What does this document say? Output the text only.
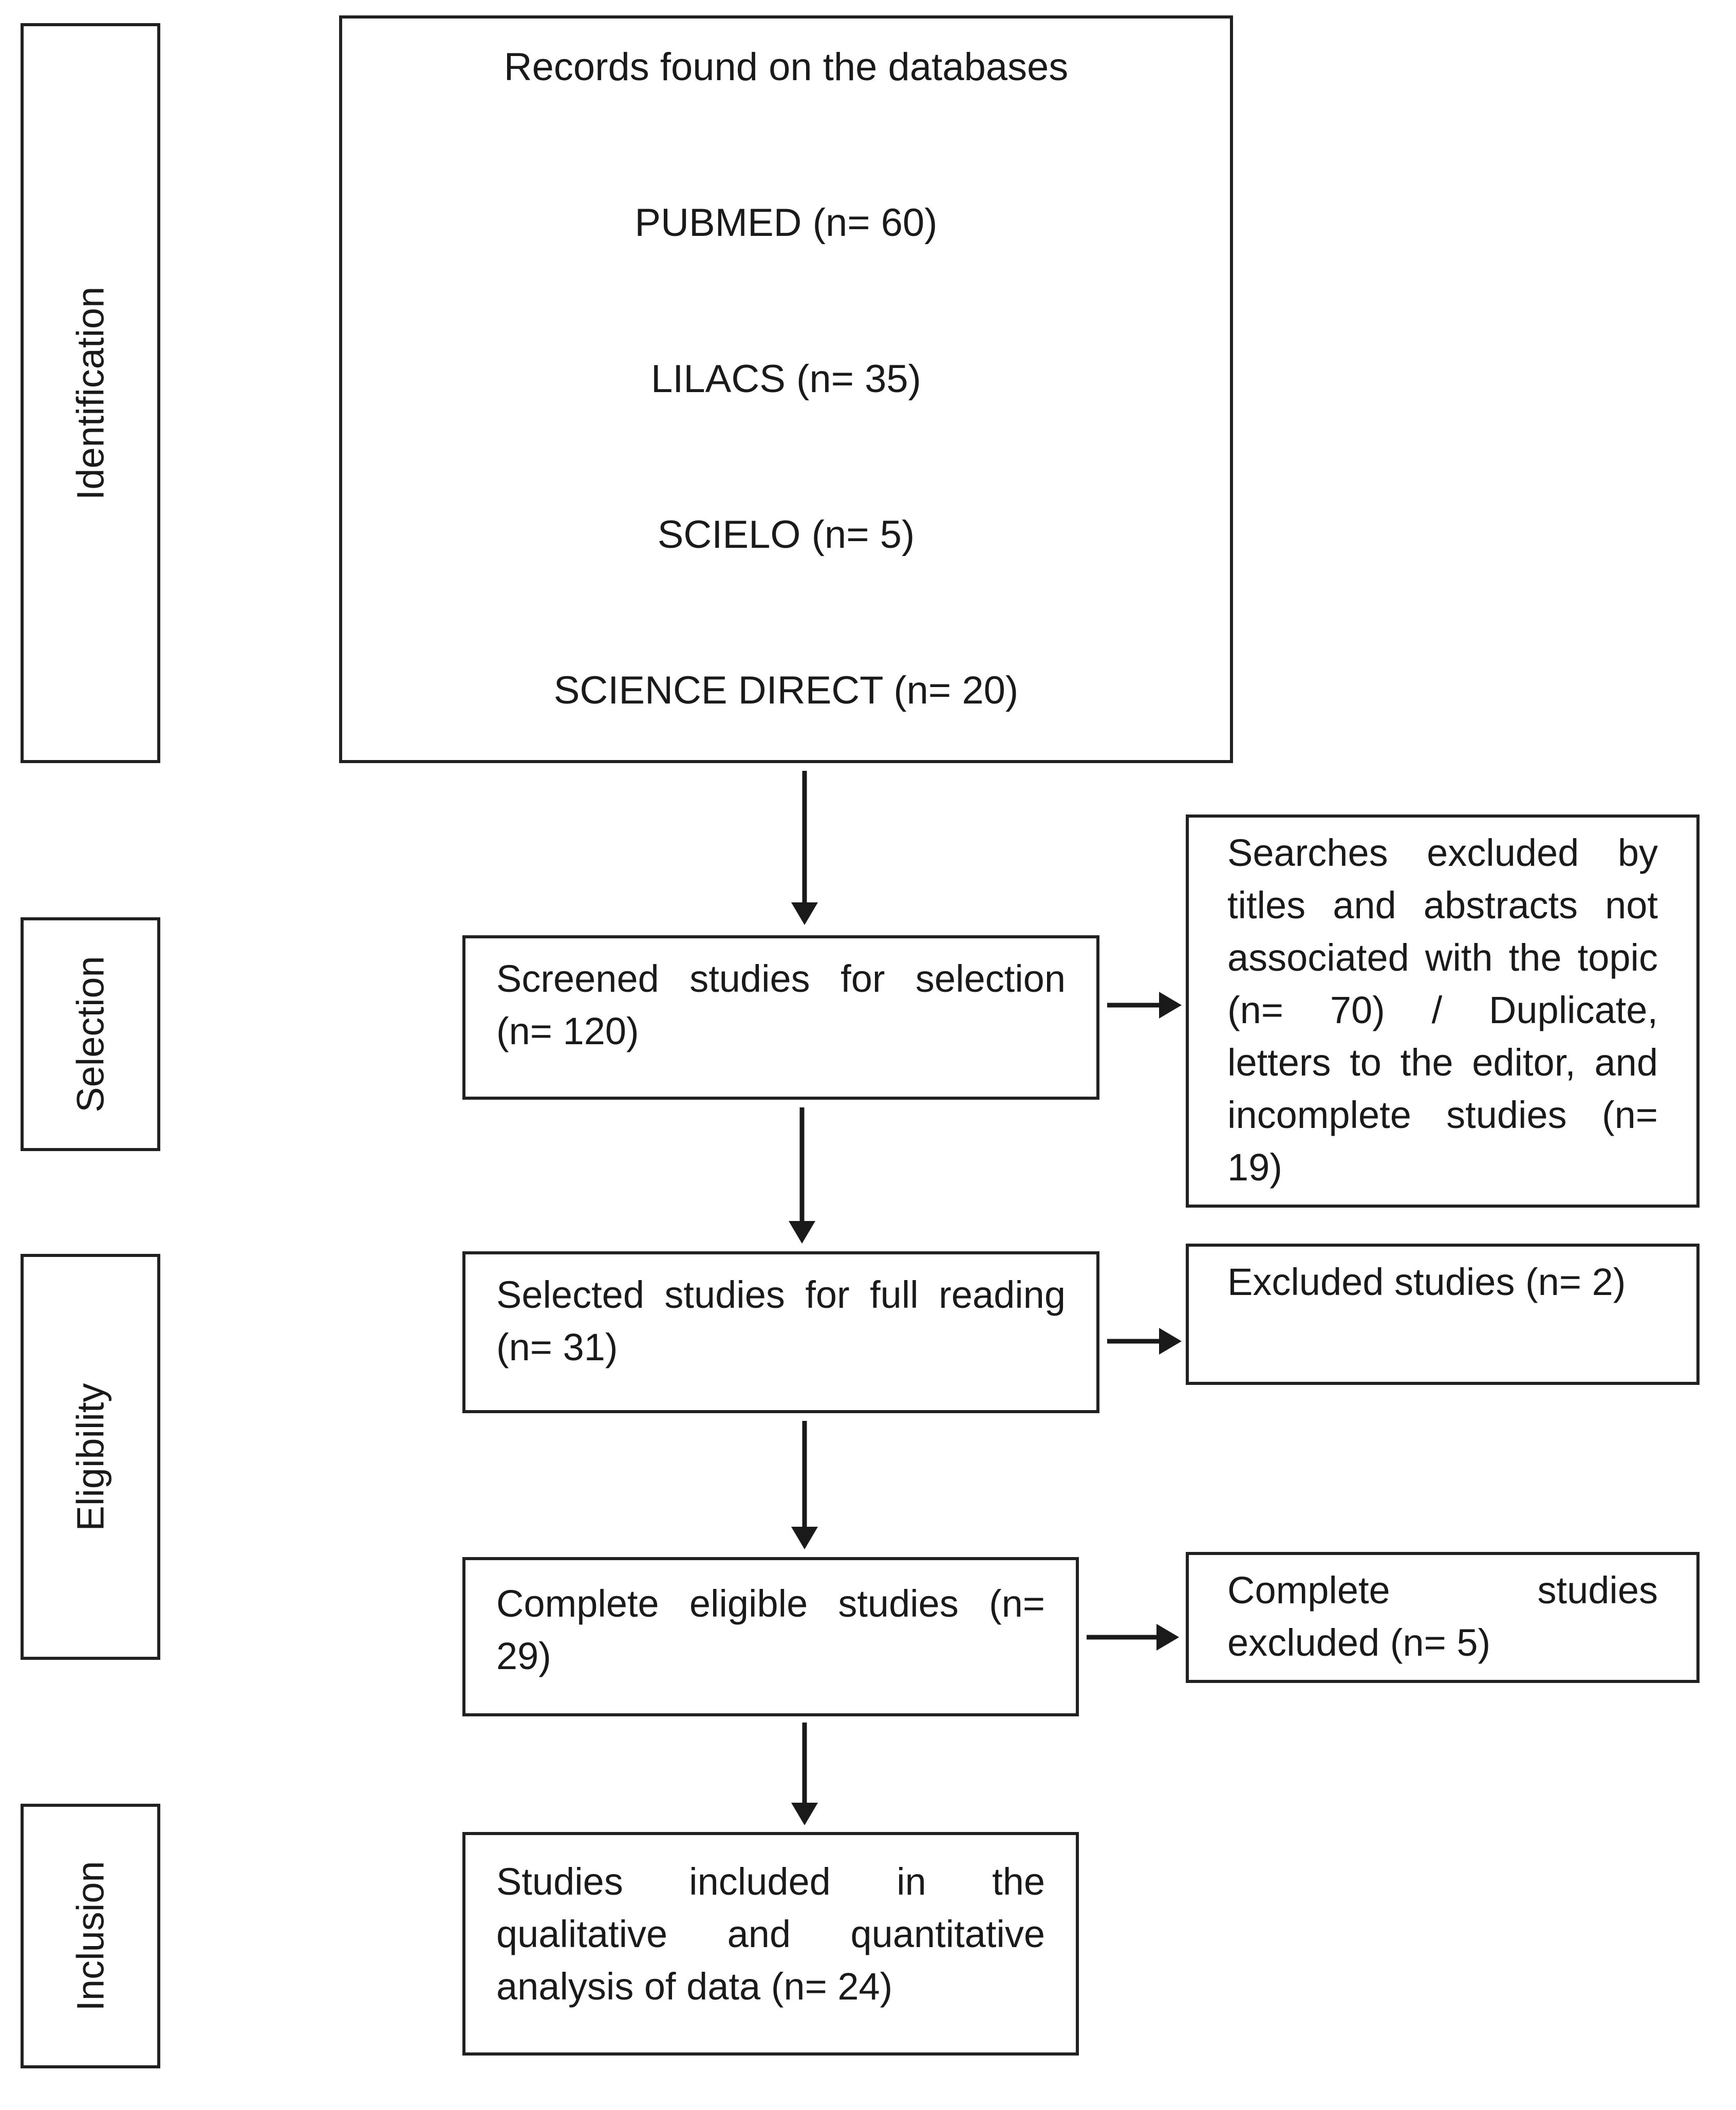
Identification
Selection
Eligibility
Inclusion
Records found on the databases
PUBMED (n= 60)
LILACS (n= 35)
SCIELO (n= 5)
SCIENCE DIRECT (n= 20)
Screened studies for selection (n= 120)
Searches excluded by titles and abstracts not associated with the topic (n= 70) / Duplicate, letters to the editor, and incomplete studies (n= 19)
Selected studies for full reading (n= 31)
Excluded studies (n= 2)
Complete eligible studies (n= 29)
Complete studies excluded (n= 5)
Studies included in the qualitative and quantitative analysis of data (n= 24)
